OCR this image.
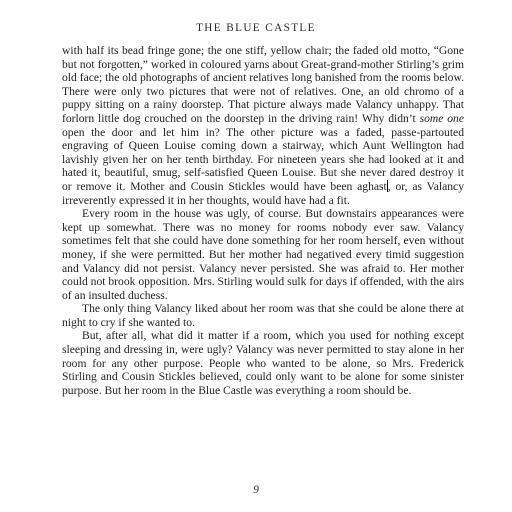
THE BLUE CASTLE

with half its bead fringe gone; the one stiff, yellow chair; the faded old motto, “Gone but not forgotten,” worked in coloured yarns about Great-grand-mother Stirling’s grim old face; the old photographs of ancient relatives long banished from the rooms below. There were only two pictures that were not of relatives. One, an old chromo of a puppy sitting on a rainy doorstep. That picture always made Valancy unhappy. That forlorn little dog crouched on the doorstep in the driving rain! Why didn’t some one open the door and let him in? The other picture was a faded, passe-partouted engraving of Queen Louise coming down a stairway, which Aunt Wellington had lavishly given her on her tenth birthday. For nineteen years she had looked at it and hated it, beautiful, smug, self-satisfied Queen Louise. But she never dared destroy it or remove it. Mother and Cousin Stickles would have been aghast, or, as Valancy irreverently expressed it in her thoughts, would have had a fit.

Every room in the house was ugly, of course. But downstairs appearances were kept up somewhat. There was no money for rooms nobody ever saw. Valancy sometimes felt that she could have done something for her room herself, even without money, if she were permitted. But her mother had negatived every timid suggestion and Valancy did not persist. Valancy never persisted. She was afraid to. Her mother could not brook opposition. Mrs. Stirling would sulk for days if offended, with the airs of an insulted duchess.

The only thing Valancy liked about her room was that she could be alone there at night to cry if she wanted to.

But, after all, what did it matter if a room, which you used for nothing except sleeping and dressing in, were ugly? Valancy was never permitted to stay alone in her room for any other purpose. People who wanted to be alone, so Mrs. Frederick Stirling and Cousin Stickles believed, could only want to be alone for some sinister purpose. But her room in the Blue Castle was everything a room should be.

9
